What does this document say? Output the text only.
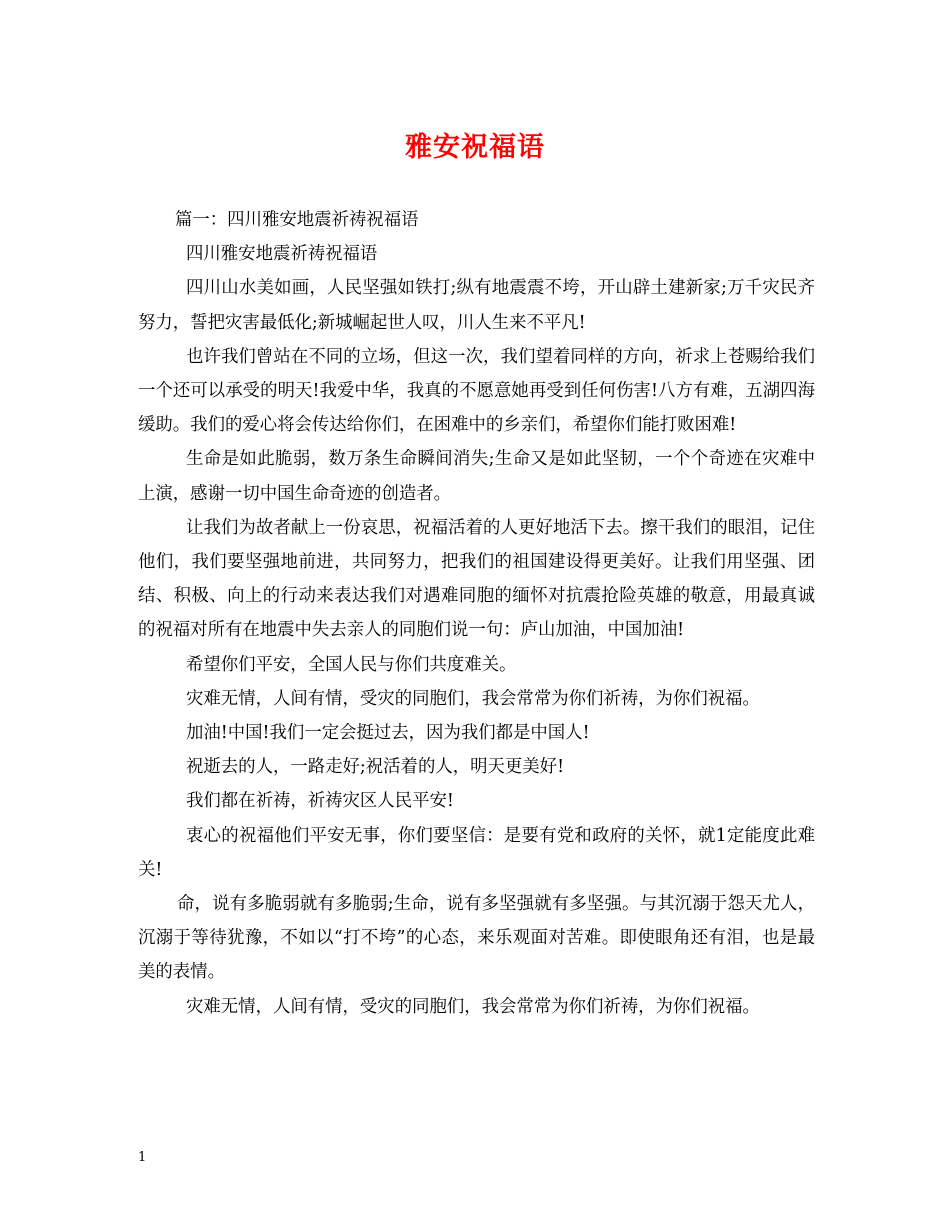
雅安祝福语

篇一：四川雅安地震祈祷祝福语

四川雅安地震祈祷祝福语

四川山水美如画，人民坚强如铁打;纵有地震震不垮，开山辟土建新家;万千灾民齐努力，誓把灾害最低化;新城崛起世人叹，川人生来不平凡!

也许我们曾站在不同的立场，但这一次，我们望着同样的方向，祈求上苍赐给我们一个还可以承受的明天!我爱中华，我真的不愿意她再受到任何伤害!八方有难，五湖四海缓助。我们的爱心将会传达给你们，在困难中的乡亲们，希望你们能打败困难!

生命是如此脆弱，数万条生命瞬间消失;生命又是如此坚韧，一个个奇迹在灾难中上演，感谢一切中国生命奇迹的创造者。

让我们为故者献上一份哀思，祝福活着的人更好地活下去。擦干我们的眼泪，记住他们，我们要坚强地前进，共同努力，把我们的祖国建设得更美好。让我们用坚强、团结、积极、向上的行动来表达我们对遇难同胞的缅怀对抗震抢险英雄的敬意，用最真诚的祝福对所有在地震中失去亲人的同胞们说一句：庐山加油，中国加油!

希望你们平安，全国人民与你们共度难关。

灾难无情，人间有情，受灾的同胞们，我会常常为你们祈祷，为你们祝福。

加油!中国!我们一定会挺过去，因为我们都是中国人!

祝逝去的人，一路走好;祝活着的人，明天更美好!

我们都在祈祷，祈祷灾区人民平安!

衷心的祝福他们平安无事，你们要坚信：是要有党和政府的关怀，就1定能度此难关!

命，说有多脆弱就有多脆弱;生命，说有多坚强就有多坚强。与其沉溺于怨天尤人，沉溺于等待犹豫，不如以“打不垮”的心态，来乐观面对苦难。即使眼角还有泪，也是最美的表情。

灾难无情，人间有情，受灾的同胞们，我会常常为你们祈祷，为你们祝福。

1
